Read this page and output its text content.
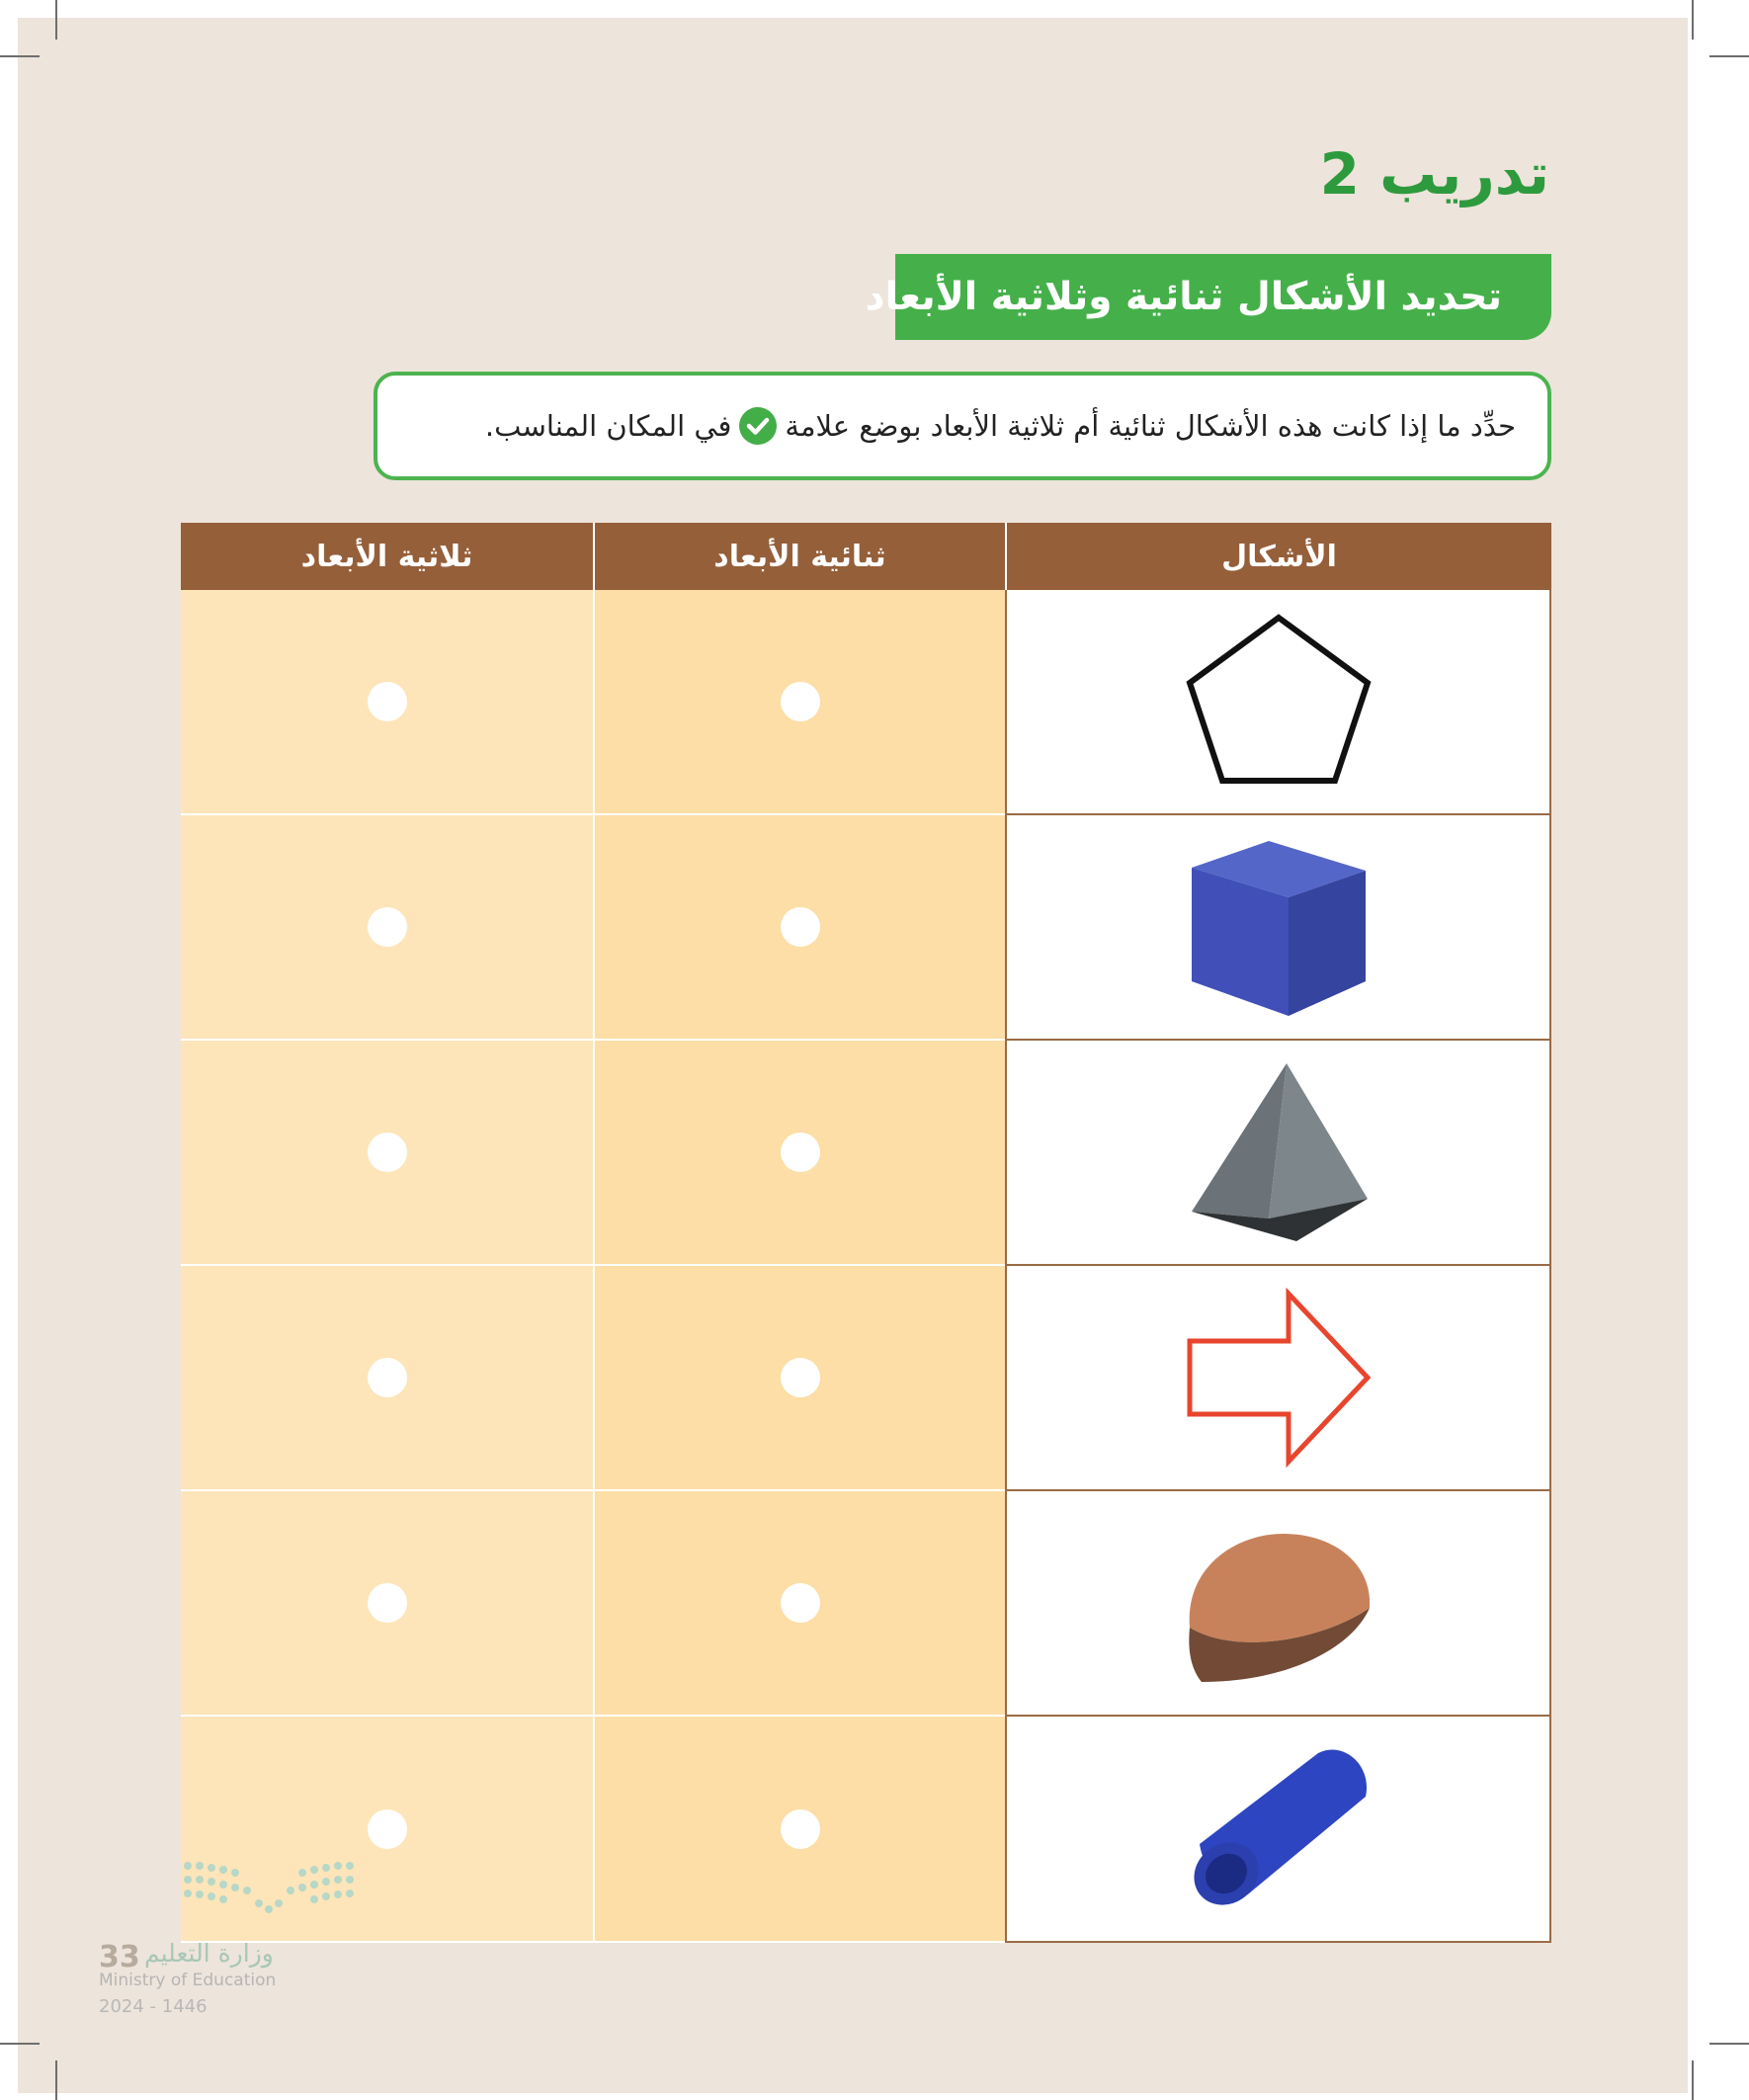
تدريب 2
تحديد الأشكال ثنائية وثلاثية الأبعاد
حدِّد ما إذا كانت هذه الأشكال ثنائية أم ثلاثية الأبعاد بوضع علامة
في المكان المناسب.
ثلاثية الأبعاد	ثنائية الأبعاد	الأشكال
33 وزارة التعليم
Ministry of Education
2024 - 1446
